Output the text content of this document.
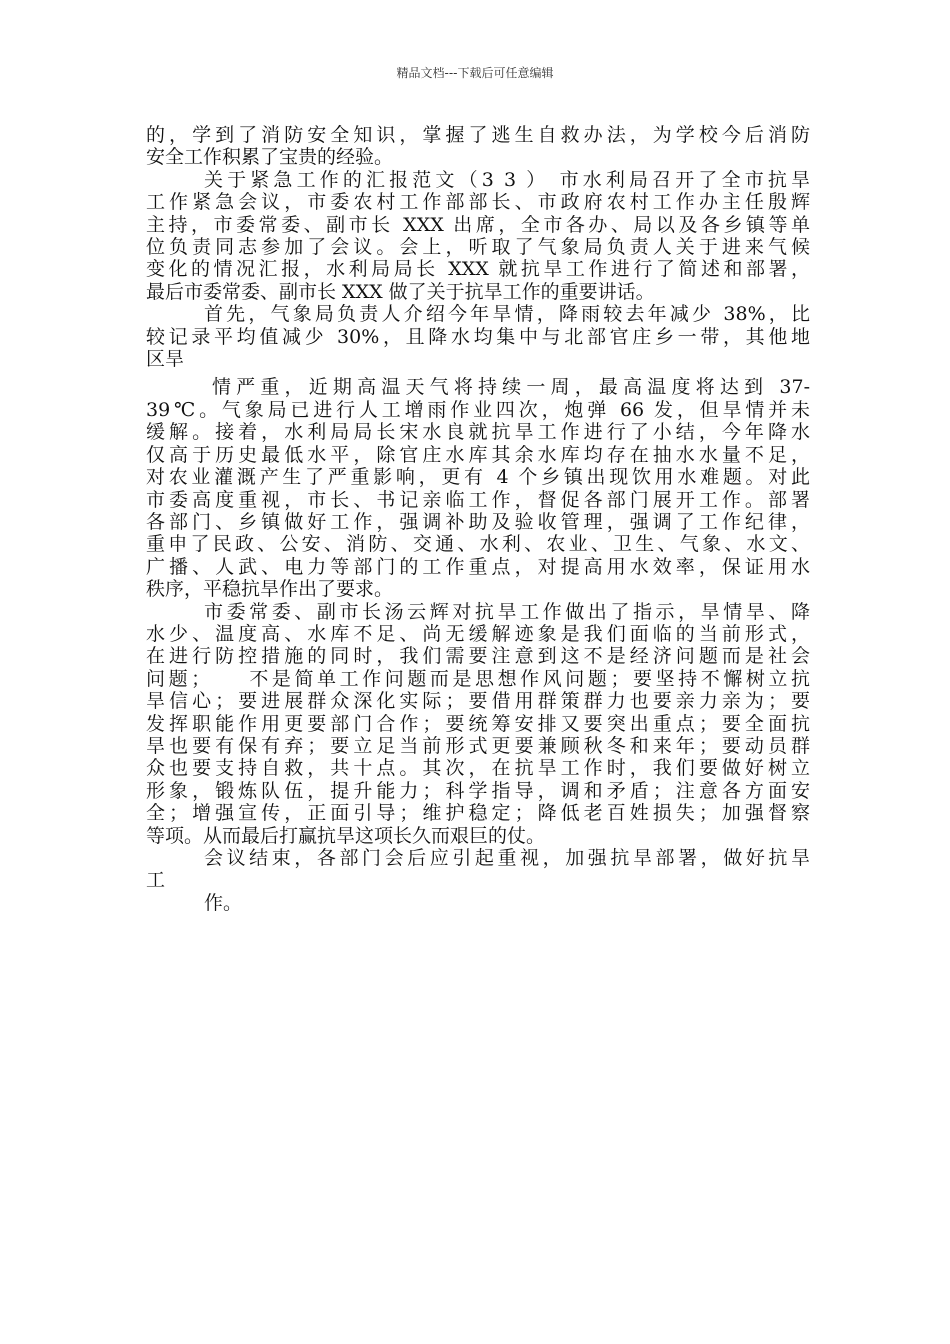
精品文档---下载后可任意编辑
的，学到了消防安全知识，掌握了逃生自救办法，为学校今后消防
安全工作积累了宝贵的经验。
关于紧急工作的汇报范文（3 3 ） 市水利局召开了全市抗旱
工作紧急会议，市委农村工作部部长、市政府农村工作办主任殷辉
主持，市委常委、副市长 XXX 出席，全市各办、局以及各乡镇等单
位负责同志参加了会议。会上，听取了气象局负责人关于进来气候
变化的情况汇报，水利局局长 XXX 就抗旱工作进行了简述和部署，
最后市委常委、副市长 XXX 做了关于抗旱工作的重要讲话。
首先，气象局负责人介绍今年旱情，降雨较去年减少 38%，比
较记录平均值减少 30%，且降水均集中与北部官庄乡一带，其他地
区旱
情严重，近期高温天气将持续一周，最高温度将达到 37-
39℃。气象局已进行人工增雨作业四次，炮弹 66 发，但旱情并未
缓解。接着，水利局局长宋水良就抗旱工作进行了小结，今年降水
仅高于历史最低水平，除官庄水库其余水库均存在抽水水量不足，
对农业灌溉产生了严重影响，更有 4 个乡镇出现饮用水难题。对此
市委高度重视，市长、书记亲临工作，督促各部门展开工作。部署
各部门、乡镇做好工作，强调补助及验收管理，强调了工作纪律，
重申了民政、公安、消防、交通、水利、农业、卫生、气象、水文、
广播、人武、电力等部门的工作重点，对提高用水效率，保证用水
秩序，平稳抗旱作出了要求。
市委常委、副市长汤云辉对抗旱工作做出了指示，旱情旱、降
水少、温度高、水库不足、尚无缓解迹象是我们面临的当前形式，
在进行防控措施的同时，我们需要注意到这不是经济问题而是社会
问题；　　不是简单工作问题而是思想作风问题；要坚持不懈树立抗
旱信心；要进展群众深化实际；要借用群策群力也要亲力亲为；要
发挥职能作用更要部门合作；要统筹安排又要突出重点；要全面抗
旱也要有保有弃；要立足当前形式更要兼顾秋冬和来年；要动员群
众也要支持自救，共十点。其次，在抗旱工作时，我们要做好树立
形象，锻炼队伍，提升能力；科学指导，调和矛盾；注意各方面安
全；增强宣传，正面引导；维护稳定；降低老百姓损失；加强督察
等项。从而最后打赢抗旱这项长久而艰巨的仗。
会议结束，各部门会后应引起重视，加强抗旱部署，做好抗旱
工
作。
